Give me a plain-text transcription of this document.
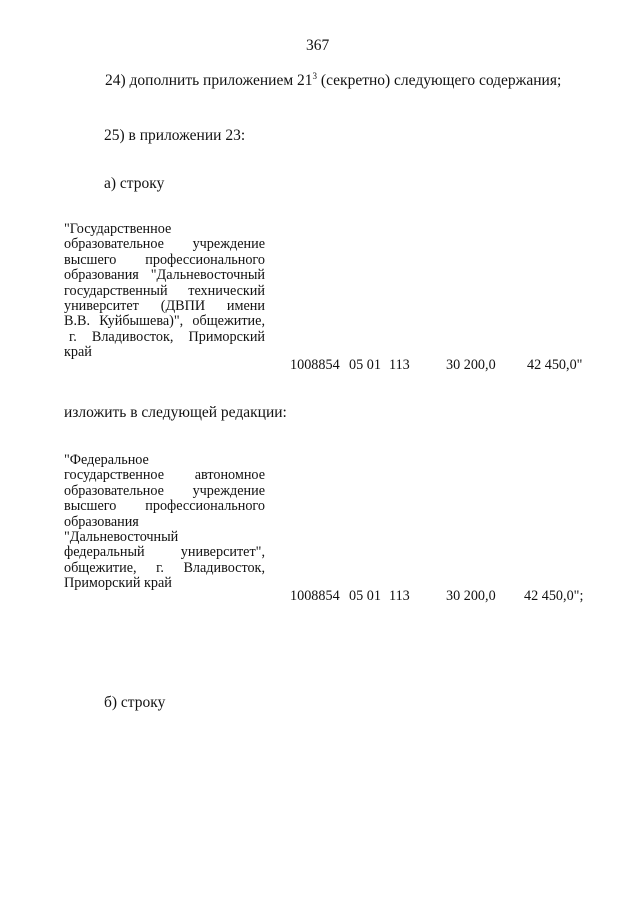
367
24) дополнить приложением $21^3$ (секретно) следующего содержания;
25) в приложении 23:
а) строку
"Государственное
образовательное учреждение
высшего профессионального
образования "Дальневосточный
государственный технический
университет (ДВПИ имени
В.В. Куйбышева)", общежитие,
г. Владивосток, Приморский
край
1008854 05 01 113	30 200,0 42 450,0"
изложить в следующей редакции:
"Федеральное
государственное автономное
образовательное учреждение
высшего профессионального
образования
"Дальневосточный
федеральный университет",
общежитие, г. Владивосток,
Приморский край
1008854 05 01 113	30 200,0 42 450,0";
б) строку
